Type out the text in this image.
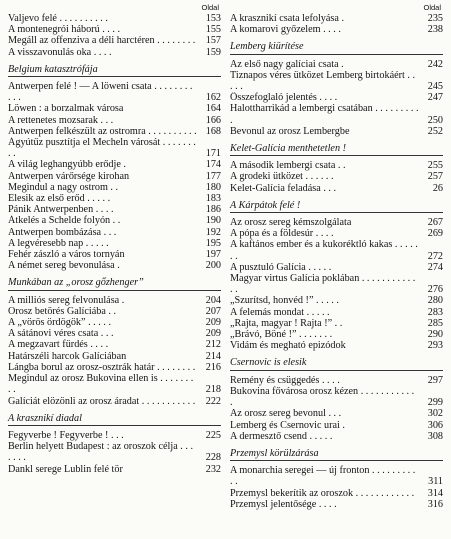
Oldal
Valjevo felé . . . . . . . . . .	153
A montenegrói háború . . . .	155
Megáll az offenziva a déli harctéren . . . . . . . .	157
A visszavonulás oka . . . .	159
Belgium katasztrófája
Antwerpen felé ! — A löweni csata . . . . . . . . . . .	162
Löwen : a borzalmak városa	164
A rettenetes mozsarak . . .	166
Antwerpen felkészült az ostromra . . . . . . . . . . 168
Ágyútűz pusztítja el Mecheln városát . . . . . . . . .	171
A világ leghangyúbb erődje .	174
Antwerpen várőrsége kirohan	177
Megindul a nagy ostrom . .	180
Elesik az első erőd . . . . .	183
Pánik Antwerpenben . . . .	186
Átkelés a Schelde folyón . .	190
Antwerpen bombázása . . .	192
A legvéresebb nap . . . . .	195
Fehér zászló a város tornyán	197
A német sereg bevonulása .	200
Munkában az „orosz gőzhenger”
A milliós sereg felvonulása .	204
Orosz betörés Galíciába . .	207
A „vörös ördögök” . . . . .	209
A sátánovi véres csata . . .	209
A megzavart fürdés . . . .	212
Határszéli harcok Galíciában	214
Lángba borul az orosz-osztrák határ . . . . . . . .	216
Megindul az orosz Bukovina ellen is . . . . . . . . .	218
Galíciát elözönli az orosz áradat . . . . . . . . . . .	222
A krasznikí diadal
Fegyverbe ! Fegyverbe ! . . .	225
Berlin helyett Budapest : az oroszok célja . . . . . . .	228
Dankl serege Lublin felé tör	232
Oldal
A krasznikí csata lefolyása .	235
A komarovi győzelem . . . .	238
Lemberg kiürítése
Az első nagy galíciai csata .	242
Tiznapos véres ütközet Lemberg birtokáért . . . . .	245
Összefoglaló jelentés . . . .	247
Halottharrikád a lembergi csatában . . . . . . . . . .	250
Bevonul az orosz Lembergbe	252
Kelet-Galícia menthetetlen !
A második lembergi csata . .	255
A grodeki ütközet . . . . . .	257
Kelet-Galícia feladása . . .	26
A Kárpátok felé !
Az orosz sereg kémszolgálata	267
A pópa és a földesúr . . . .	269
A kaftános ember és a kukoréktló kakas . . . . . . .	272
A pusztuló Galícia . . . . .	274
Magyar virtus Galícia poklában . . . . . . . . . . . . .	276
„Szurítsd, honvéd !” . . . . .	280
A felemás mondat . . . . .	283
„Rajta, magyar ! Rajta !” . .	285
„Brávó, Böné !” . . . . . . .	290
Vidám és megható epizódok	293
Csernovic is elesik
Remény és csüggedés . . . .	297
Bukovina fővárosa orosz kézen . . . . . . . . . . . .	299
Az orosz sereg bevonul . . .	302
Lemberg és Csernovic urai .	306
A dermesztő csend . . . . .	308
Przemysl körülzárása
A monarchia seregei — új fronton . . . . . . . . . . .	311
Przemysl bekerítik az oroszok . . . . . . . . . . . .	314
Przemysl jelentősége . . . .	316
